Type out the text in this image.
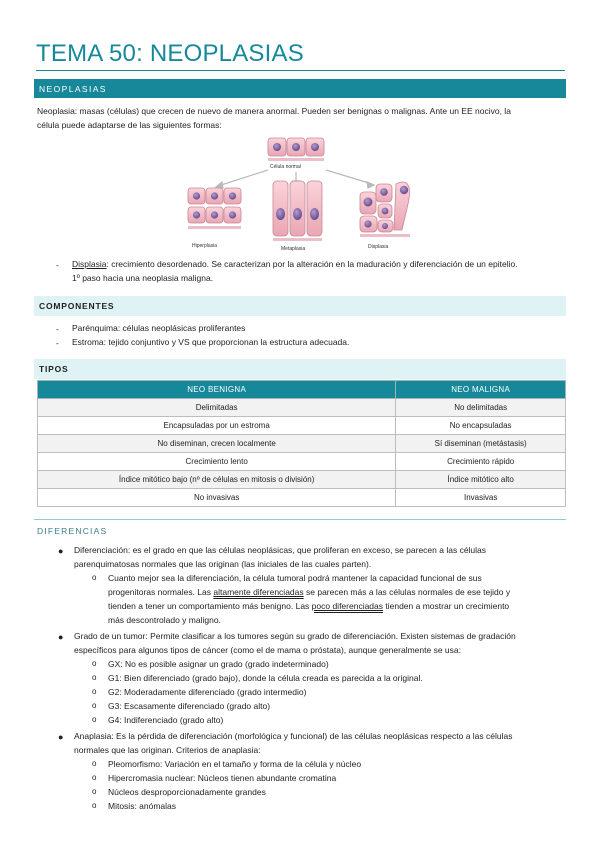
TEMA 50: NEOPLASIAS
NEOPLASIAS
Neoplasia: masas (células) que crecen de nuevo de manera anormal. Pueden ser benignas o malignas. Ante un EE nocivo, la
célula puede adaptarse de las siguientes formas:
Célula normal
Hiperplasia	Metaplasia	Displasia
- Displasia: crecimiento desordenado. Se caracterizan por la alteración en la maduración y diferenciación de un epitelio.
1º paso hacia una neoplasia maligna.
COMPONENTES
- Parénquima: células neoplásicas proliferantes
- Estroma: tejido conjuntivo y VS que proporcionan la estructura adecuada.
TIPOS
NEO BENIGNA	NEO MALIGNA
Delimitadas	No delimitadas
Encapsuladas por un estroma	No encapsuladas
No diseminan, crecen localmente	Sí diseminan (metástasis)
Crecimiento lento	Crecimiento rápido
Índice mitótico bajo (nº de células en mitosis o división)	Índice mitótico alto
No invasivas	Invasivas
DIFERENCIAS
● Diferenciación: es el grado en que las células neoplásicas, que proliferan en exceso, se parecen a las células
parenquimatosas normales que las originan (las iniciales de las cuales parten).
o Cuanto mejor sea la diferenciación, la célula tumoral podrá mantener la capacidad funcional de sus
progenitoras normales. Las altamente diferenciadas se parecen más a las células normales de ese tejido y
tienden a tener un comportamiento más benigno. Las poco diferenciadas tienden a mostrar un crecimiento
más descontrolado y maligno.
● Grado de un tumor: Permite clasificar a los tumores según su grado de diferenciación. Existen sistemas de gradación
específicos para algunos tipos de cáncer (como el de mama o próstata), aunque generalmente se usa:
o GX: No es posible asignar un grado (grado indeterminado)
o G1: Bien diferenciado (grado bajo), donde la célula creada es parecida a la original.
o G2: Moderadamente diferenciado (grado intermedio)
o G3: Escasamente diferenciado (grado alto)
o G4: Indiferenciado (grado alto)
● Anaplasia: Es la pérdida de diferenciación (morfológica y funcional) de las células neoplásicas respecto a las células
normales que las originan. Criterios de anaplasia:
o Pleomorfismo: Variación en el tamaño y forma de la célula y núcleo
o Hipercromasia nuclear: Núcleos tienen abundante cromatina
o Núcleos desproporcionadamente grandes
o Mitosis: anómalas
